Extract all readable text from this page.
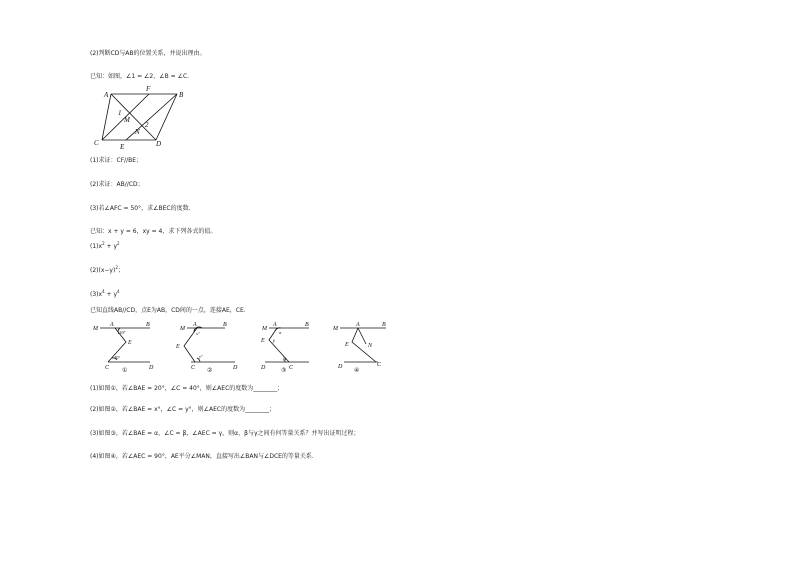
(2)判断CD与AB的位置关系，并说出理由。
已知：如图，∠1 = ∠2，∠B = ∠C．
A
F
B
1
M
2
C	E
N
D
(1)求证：CF//BE；
(2)求证：AB//CD；
(3)若∠AFC = 50°，求∠BEC的度数.
已知：x + y = 6，xy = 4，求下列各式的值。
$(1)x^2 + y^2$
$(2)(x-y)^2$；
$(3)x^4 + y^4$
已知直线AB//CD，点E为AB，CD间的一点，连接AE，CE．
M
A	B
120°
E
40°
C	D
①
M
A	B
x°
E
y°
C	D
②
M
A	B
α
E γ
β
C
D	③
M
A	B
E	N
D	C
④
(1)如图①，若∠BAE = 20°，∠C = 40°，则∠AEC的度数为________；
(2)如图②，若∠BAE = x°，∠C = y°，则∠AEC的度数为________；
(3)如图③，若∠BAE = α，∠C = β，∠AEC = γ，则α，β与γ之间有何等量关系？并写出证明过程；
(4)如图④，若∠AEC = 90°，AE平分∠MAN，直接写出∠BAN与∠DCE的等量关系.
